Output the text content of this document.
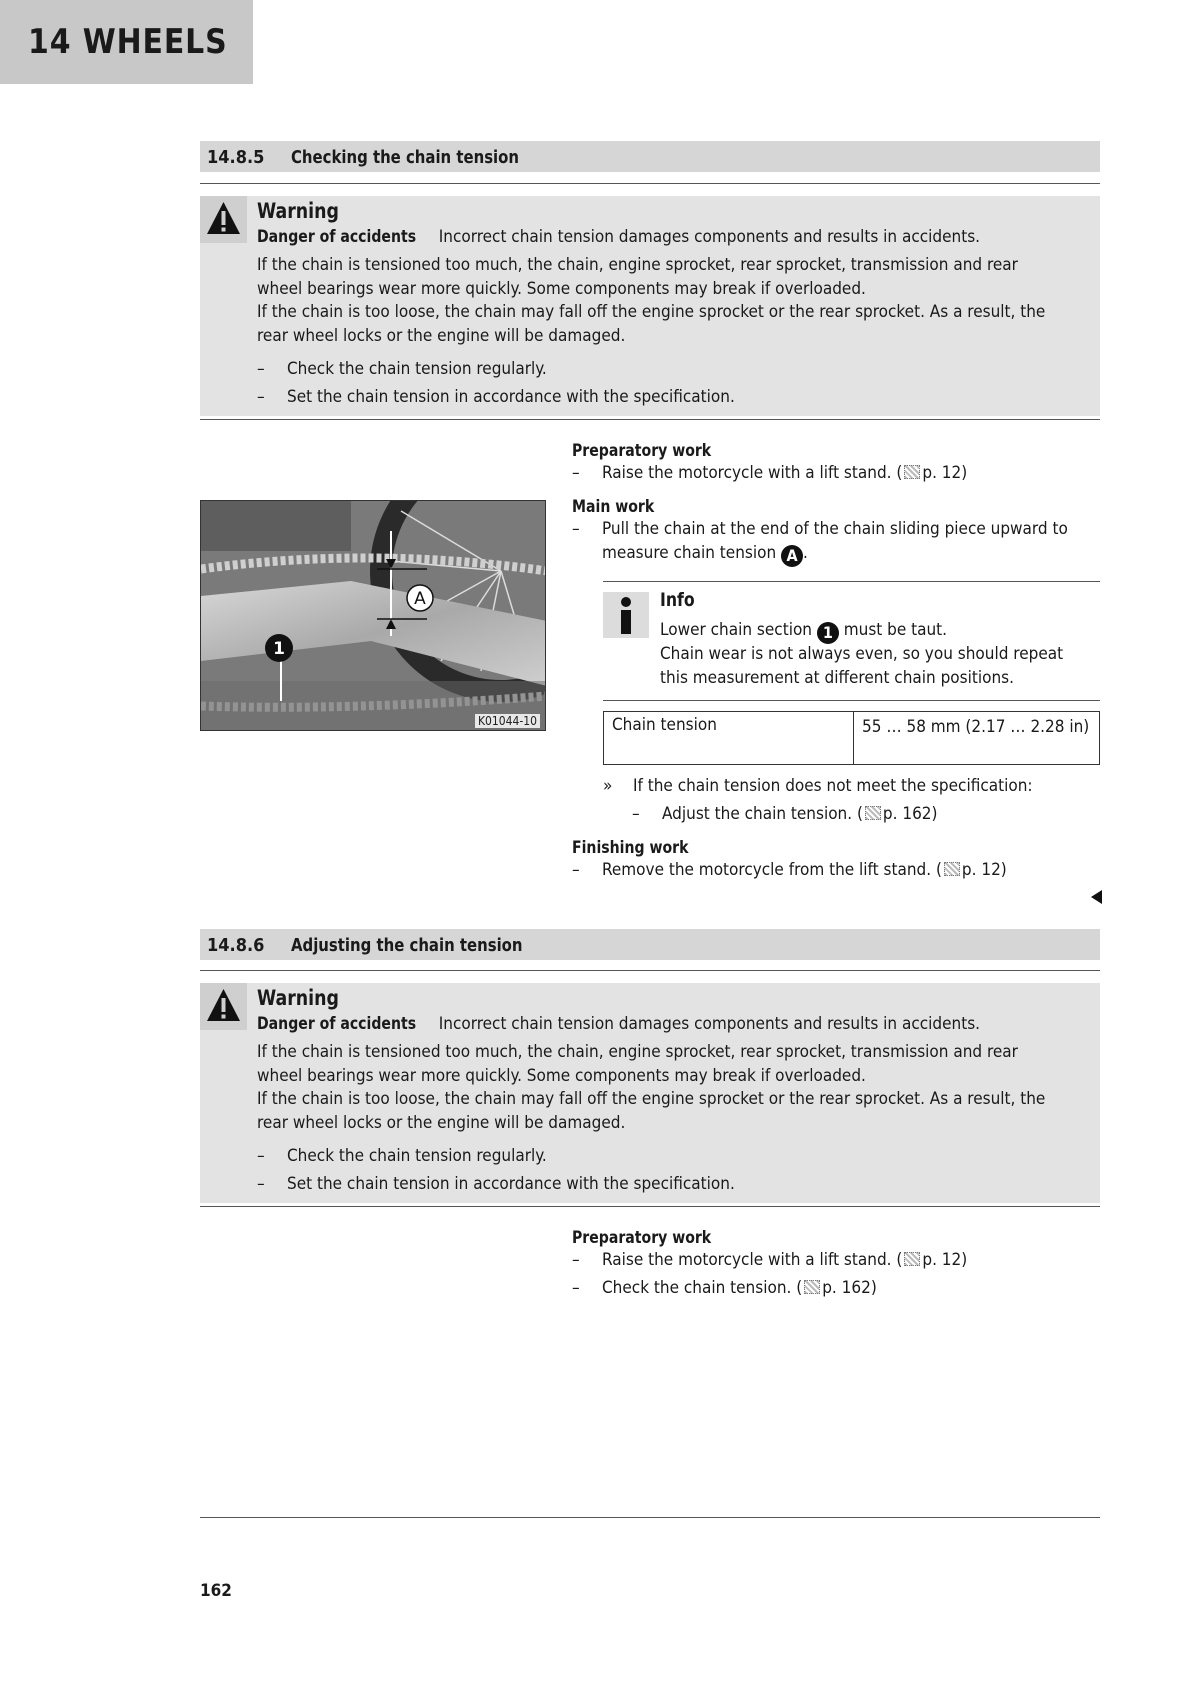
14 WHEELS
14.8.5 Checking the chain tension
Warning
Danger of accidents Incorrect chain tension damages components and results in accidents.
If the chain is tensioned too much, the chain, engine sprocket, rear sprocket, transmission and rear
wheel bearings wear more quickly. Some components may break if overloaded.
If the chain is too loose, the chain may fall off the engine sprocket or the rear sprocket. As a result, the
rear wheel locks or the engine will be damaged.
– Check the chain tension regularly.
– Set the chain tension in accordance with the specification.
A
1
K01044-10
Preparatory work
– Raise the motorcycle with a lift stand. ( p. 12)
Main work
– Pull the chain at the end of the chain sliding piece upward to
measure chain tension A .
Info
Lower chain section 1 must be taut.
Chain wear is not always even, so you should repeat
this measurement at different chain positions.
Chain tension	55 … 58 mm (2.17 … 2.28 in)
» If the chain tension does not meet the specification:
– Adjust the chain tension. ( p. 162)
Finishing work
– Remove the motorcycle from the lift stand. ( p. 12)
14.8.6 Adjusting the chain tension
Warning
Danger of accidents Incorrect chain tension damages components and results in accidents.
If the chain is tensioned too much, the chain, engine sprocket, rear sprocket, transmission and rear
wheel bearings wear more quickly. Some components may break if overloaded.
If the chain is too loose, the chain may fall off the engine sprocket or the rear sprocket. As a result, the
rear wheel locks or the engine will be damaged.
– Check the chain tension regularly.
– Set the chain tension in accordance with the specification.
Preparatory work
– Raise the motorcycle with a lift stand. ( p. 12)
– Check the chain tension. ( p. 162)
162
